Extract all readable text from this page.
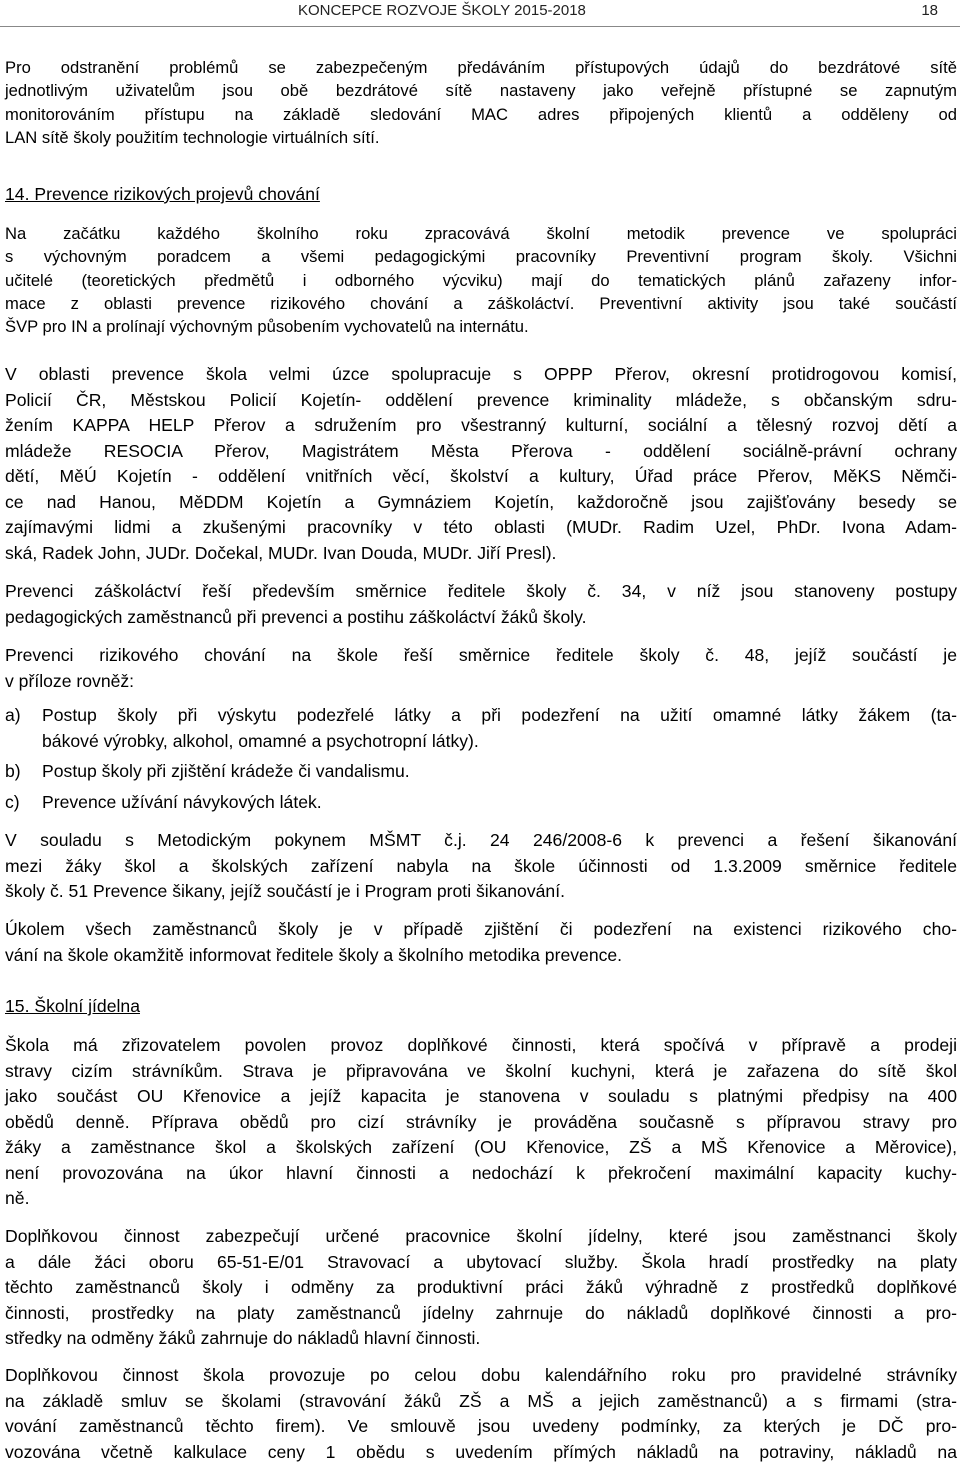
KONCEPCE ROZVOJE ŠKOLY 2015-2018	18
Pro odstranění problémů se zabezpečeným předáváním přístupových údajů do bezdrátové sítě
jednotlivým uživatelům jsou obě bezdrátové sítě nastaveny jako veřejně přístupné se zapnutým
monitorováním přístupu na základě sledování MAC adres připojených klientů a odděleny od
LAN sítě školy použitím technologie virtuálních sítí.
14. Prevence rizikových projevů chování
Na začátku každého školního roku zpracovává školní metodik prevence ve spolupráci
s výchovným poradcem a všemi pedagogickými pracovníky Preventivní program školy. Všichni
učitelé (teoretických předmětů i odborného výcviku) mají do tematických plánů zařazeny infor-
mace z oblasti prevence rizikového chování a záškoláctví. Preventivní aktivity jsou také součástí
ŠVP pro IN a prolínají výchovným působením vychovatelů na internátu.
V oblasti prevence škola velmi úzce spolupracuje s OPPP Přerov, okresní protidrogovou komisí,
Policií ČR, Městskou Policií Kojetín- oddělení prevence kriminality mládeže, s občanským sdru-
žením KAPPA HELP Přerov a sdružením pro všestranný kulturní, sociální a tělesný rozvoj dětí a
mládeže RESOCIA Přerov, Magistrátem Města Přerova - oddělení sociálně-právní ochrany
dětí, MěÚ Kojetín - oddělení vnitřních věcí, školství a kultury, Úřad práce Přerov, MěKS Němči-
ce nad Hanou, MěDDM Kojetín a Gymnáziem Kojetín, každoročně jsou zajišťovány besedy se
zajímavými lidmi a zkušenými pracovníky v této oblasti (MUDr. Radim Uzel, PhDr. Ivona Adam-
ská, Radek John, JUDr. Dočekal, MUDr. Ivan Douda, MUDr. Jiří Presl).
Prevenci záškoláctví řeší především směrnice ředitele školy č. 34, v níž jsou stanoveny postupy
pedagogických zaměstnanců při prevenci a postihu záškoláctví žáků školy.
Prevenci rizikového chování na škole řeší směrnice ředitele školy č. 48, jejíž součástí je
v příloze rovněž:
a) Postup školy při výskytu podezřelé látky a při podezření na užití omamné látky žákem (ta-
bákové výrobky, alkohol, omamné a psychotropní látky).
b) Postup školy při zjištění krádeže či vandalismu.
c) Prevence užívání návykových látek.
V souladu s Metodickým pokynem MŠMT č.j. 24 246/2008-6 k prevenci a řešení šikanování
mezi žáky škol a školských zařízení nabyla na škole účinnosti od 1.3.2009 směrnice ředitele
školy č. 51 Prevence šikany, jejíž součástí je i Program proti šikanování.
Úkolem všech zaměstnanců školy je v případě zjištění či podezření na existenci rizikového cho-
vání na škole okamžitě informovat ředitele školy a školního metodika prevence.
15. Školní jídelna
Škola má zřizovatelem povolen provoz doplňkové činnosti, která spočívá v přípravě a prodeji
stravy cizím strávníkům. Strava je připravována ve školní kuchyni, která je zařazena do sítě škol
jako součást OU Křenovice a jejíž kapacita je stanovena v souladu s platnými předpisy na 400
obědů denně. Příprava obědů pro cizí strávníky je prováděna současně s přípravou stravy pro
žáky a zaměstnance škol a školských zařízení (OU Křenovice, ZŠ a MŠ Křenovice a Měrovice),
není provozována na úkor hlavní činnosti a nedochází k překročení maximální kapacity kuchy-
ně.
Doplňkovou činnost zabezpečují určené pracovnice školní jídelny, které jsou zaměstnanci školy
a dále žáci oboru 65-51-E/01 Stravovací a ubytovací služby. Škola hradí prostředky na platy
těchto zaměstnanců školy i odměny za produktivní práci žáků výhradně z prostředků doplňkové
činnosti, prostředky na platy zaměstnanců jídelny zahrnuje do nákladů doplňkové činnosti a pro-
středky na odměny žáků zahrnuje do nákladů hlavní činnosti.
Doplňkovou činnost škola provozuje po celou dobu kalendářního roku pro pravidelné strávníky
na základě smluv se školami (stravování žáků ZŠ a MŠ a jejich zaměstnanců) a s firmami (stra-
vování zaměstnanců těchto firem). Ve smlouvě jsou uvedeny podmínky, za kterých je DČ pro-
vozována včetně kalkulace ceny 1 obědu s uvedením přímých nákladů na potraviny, nákladů na
